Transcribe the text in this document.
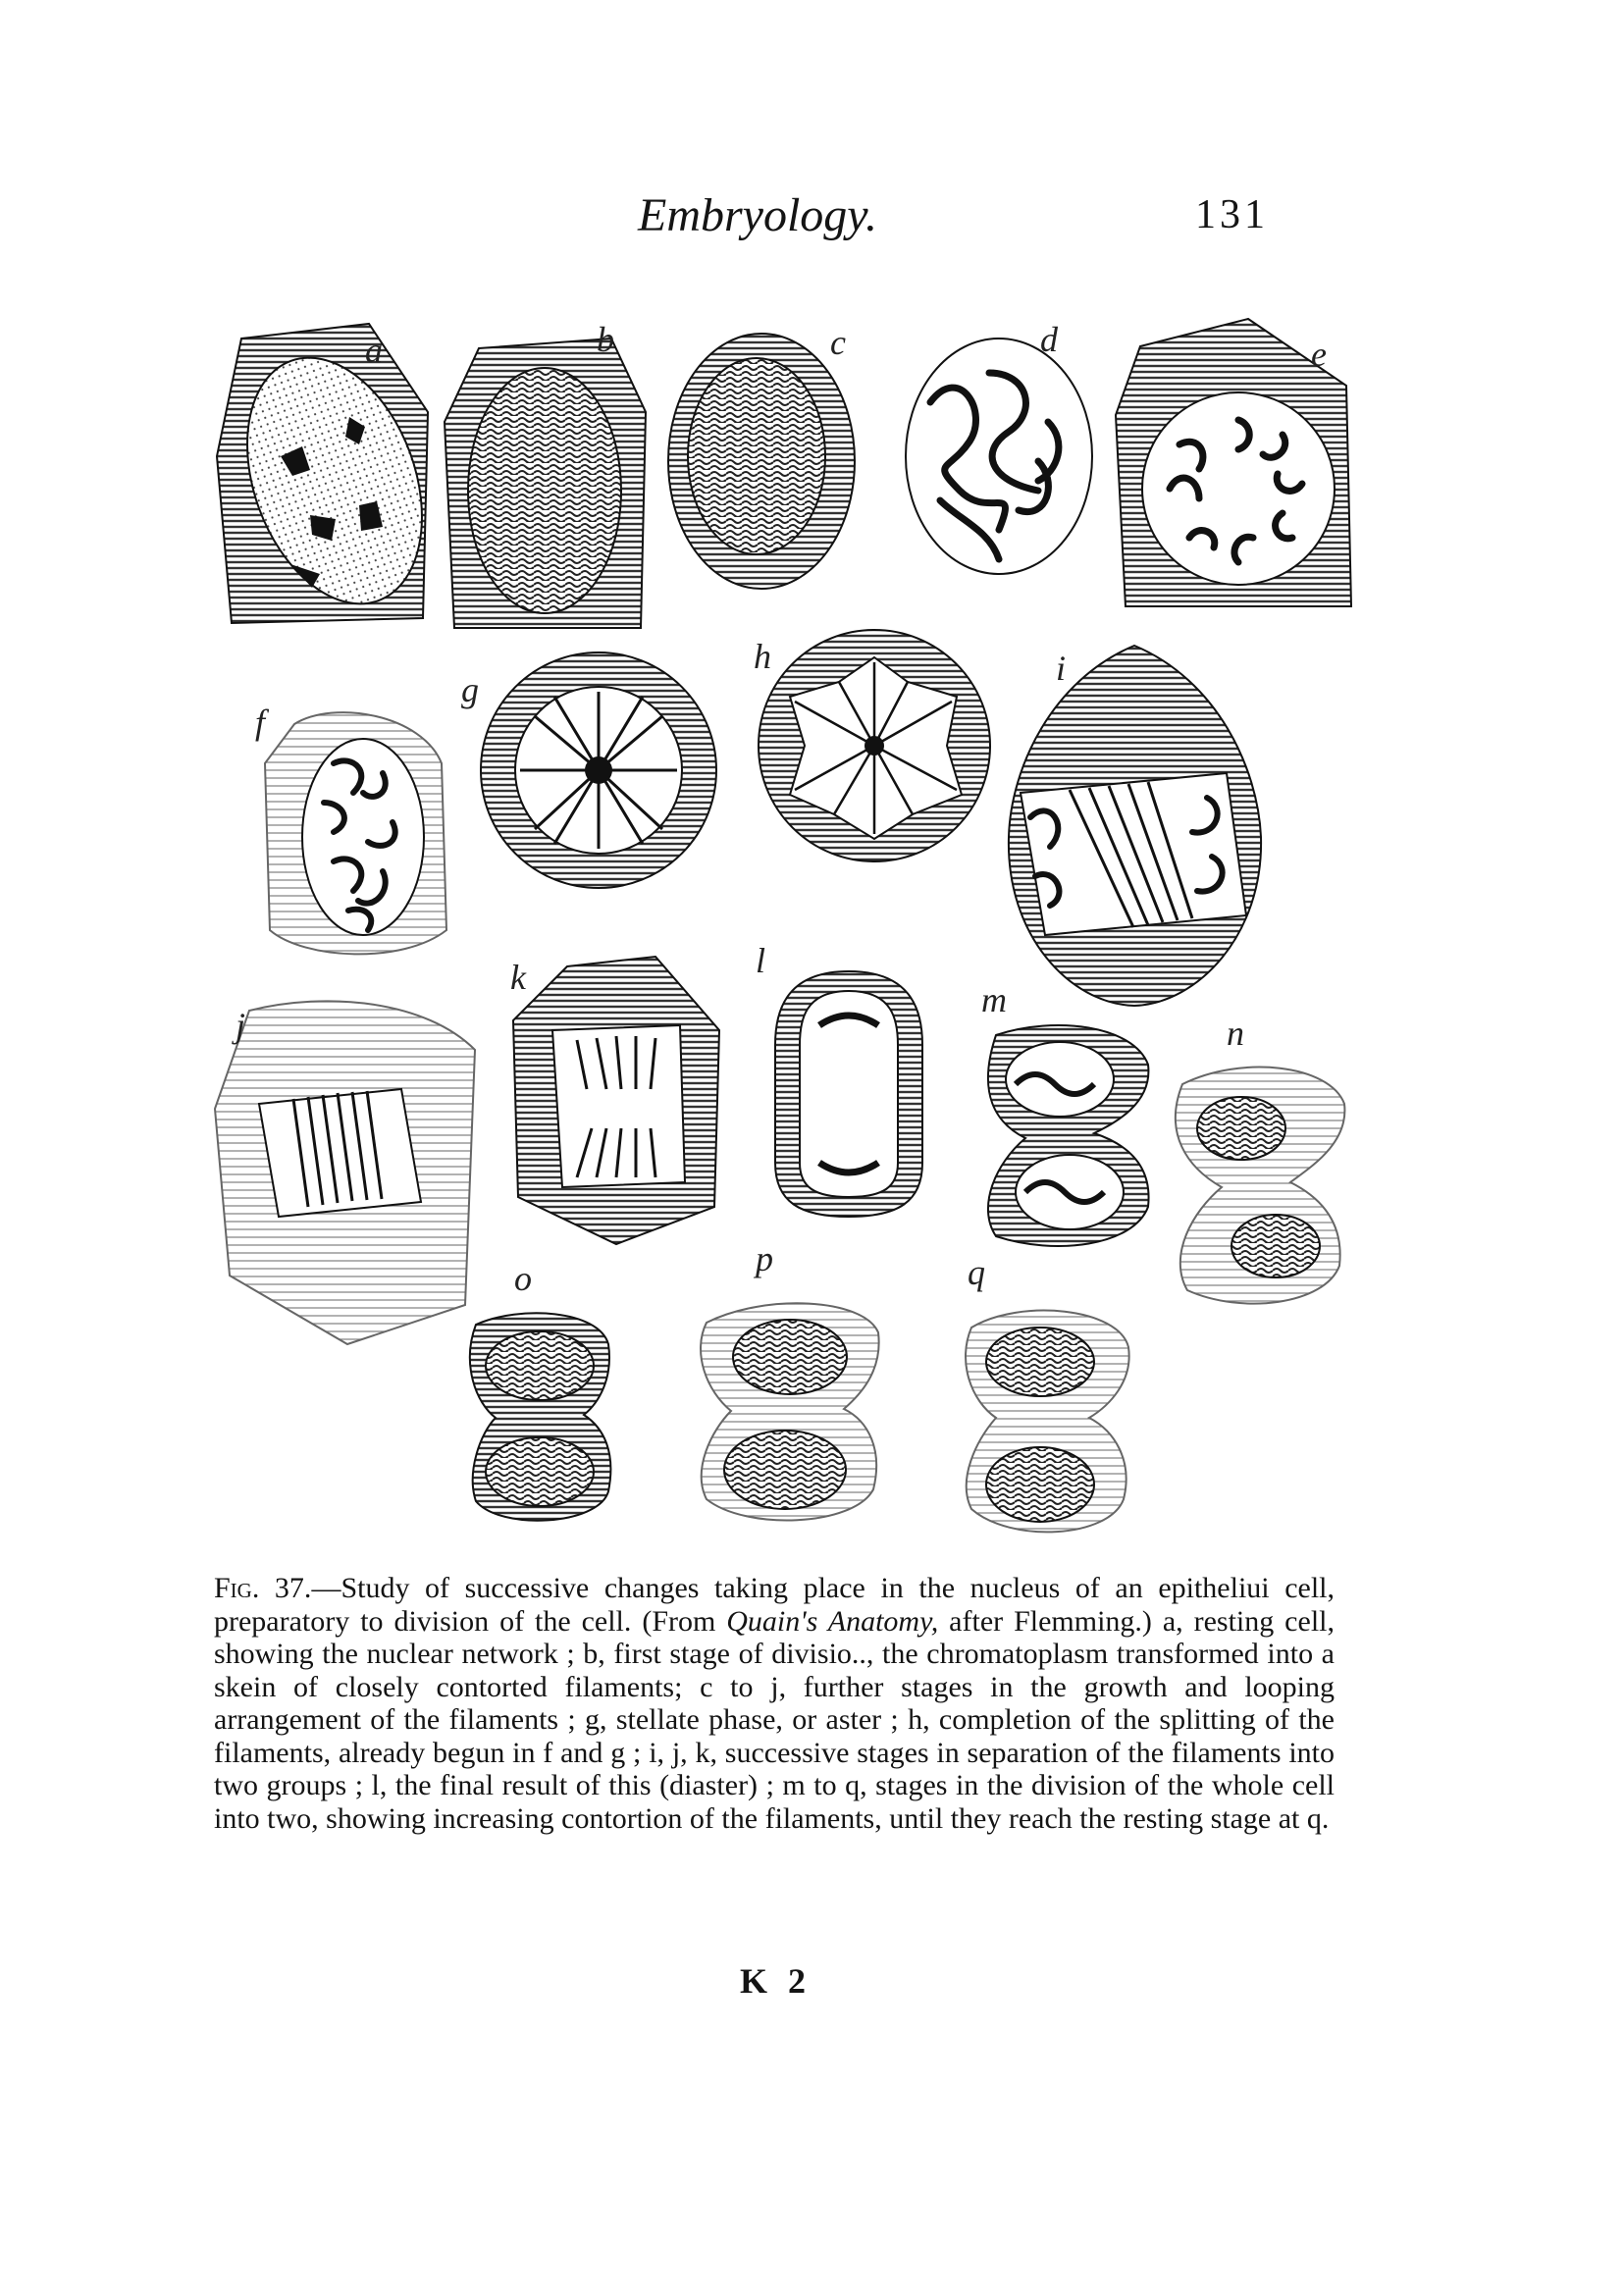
Embryology.	131
a	b	c	d	e
f
g
h	i
j
k	l
m
n
o	p	q

Fig. 37.—Study of successive changes taking place in the nucleus of an epitheliui cell, preparatory to division of the cell. (From Quain's Anatomy, after Flemming.) a, resting cell, showing the nuclear network ; b, first stage of divisio.., the chromatoplasm transformed into a skein of closely contorted filaments; c to j, further stages in the growth and looping arrangement of the filaments ; g, stellate phase, or aster ; h, completion of the splitting of the filaments, already begun in f and g ; i, j, k, successive stages in separation of the filaments into two groups ; l, the final result of this (diaster) ; m to q, stages in the division of the whole cell into two, showing increasing contortion of the filaments, until they reach the resting stage at q.

K 2
